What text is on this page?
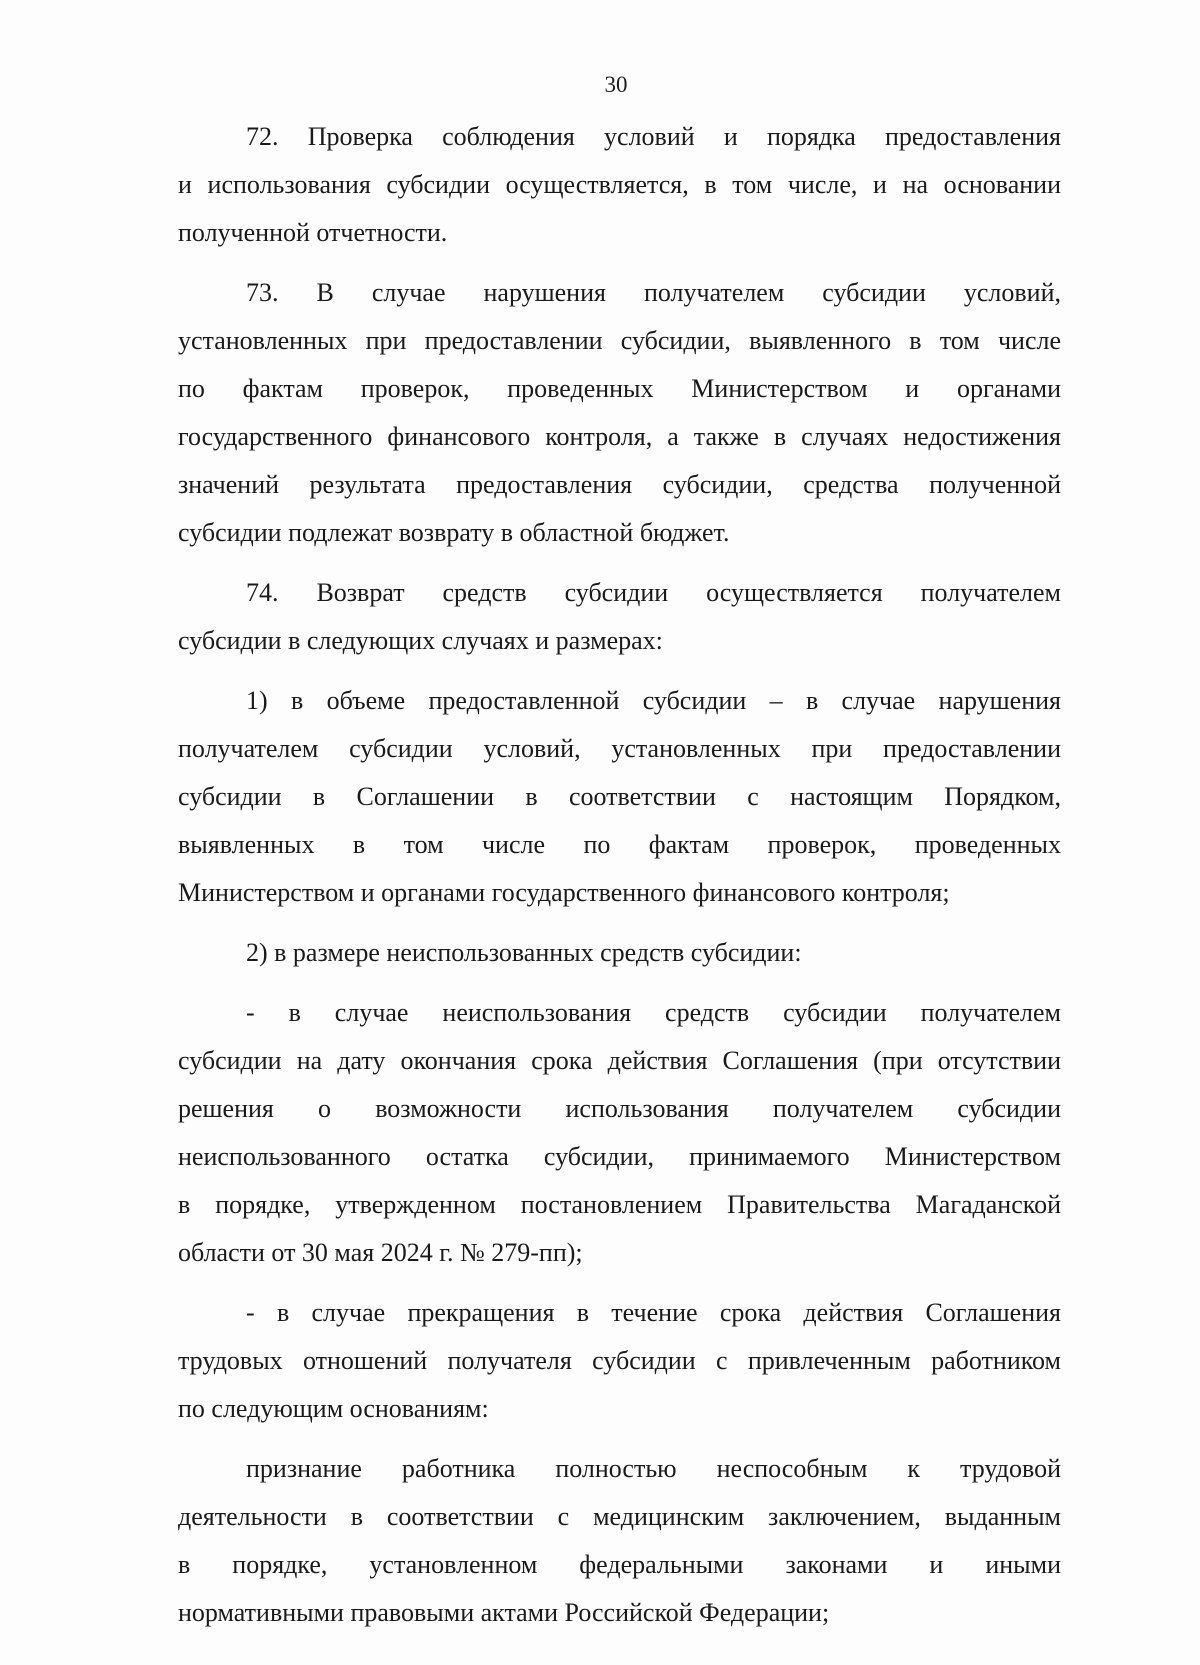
30
72. Проверка соблюдения условий и порядка предоставления
и использования субсидии осуществляется, в том числе, и на основании
полученной отчетности.
73. В случае нарушения получателем субсидии условий,
установленных при предоставлении субсидии, выявленного в том числе
по фактам проверок, проведенных Министерством и органами
государственного финансового контроля, а также в случаях недостижения
значений результата предоставления субсидии, средства полученной
субсидии подлежат возврату в областной бюджет.
74. Возврат средств субсидии осуществляется получателем
субсидии в следующих случаях и размерах:
1) в объеме предоставленной субсидии – в случае нарушения
получателем субсидии условий, установленных при предоставлении
субсидии в Соглашении в соответствии с настоящим Порядком,
выявленных в том числе по фактам проверок, проведенных
Министерством и органами государственного финансового контроля;
2) в размере неиспользованных средств субсидии:
- в случае неиспользования средств субсидии получателем
субсидии на дату окончания срока действия Соглашения (при отсутствии
решения о возможности использования получателем субсидии
неиспользованного остатка субсидии, принимаемого Министерством
в порядке, утвержденном постановлением Правительства Магаданской
области от 30 мая 2024 г. № 279-пп);
- в случае прекращения в течение срока действия Соглашения
трудовых отношений получателя субсидии с привлеченным работником
по следующим основаниям:
признание работника полностью неспособным к трудовой
деятельности в соответствии с медицинским заключением, выданным
в порядке, установленном федеральными законами и иными
нормативными правовыми актами Российской Федерации;
